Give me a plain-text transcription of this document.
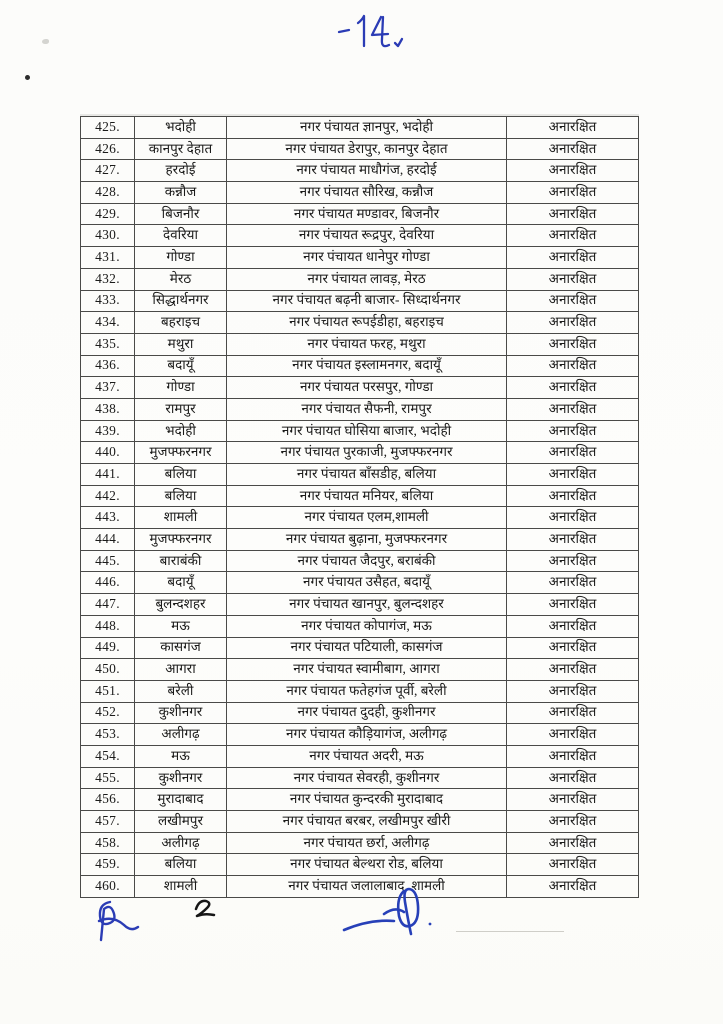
425.	भदोही	नगर पंचायत ज्ञानपुर, भदोही	अनारक्षित
426.	कानपुर देहात	नगर पंचायत डेरापुर, कानपुर देहात	अनारक्षित
427.	हरदोई	नगर पंचायत माधौगंज, हरदोई	अनारक्षित
428.	कन्नौज	नगर पंचायत सौरिख, कन्नौज	अनारक्षित
429.	बिजनौर	नगर पंचायत मण्डावर, बिजनौर	अनारक्षित
430.	देवरिया	नगर पंचायत रूद्रपुर, देवरिया	अनारक्षित
431.	गोण्डा	नगर पंचायत धानेपुर गोण्डा	अनारक्षित
432.	मेरठ	नगर पंचायत लावड़, मेरठ	अनारक्षित
433.	सिद्धार्थनगर	नगर पंचायत बढ़नी बाजार- सिध्दार्थनगर	अनारक्षित
434.	बहराइच	नगर पंचायत रूपईडीहा, बहराइच	अनारक्षित
435.	मथुरा	नगर पंचायत फरह, मथुरा	अनारक्षित
436.	बदायूँ	नगर पंचायत इस्लामनगर, बदायूँ	अनारक्षित
437.	गोण्डा	नगर पंचायत परसपुर, गोण्डा	अनारक्षित
438.	रामपुर	नगर पंचायत सैफनी, रामपुर	अनारक्षित
439.	भदोही	नगर पंचायत घोसिया बाजार, भदोही	अनारक्षित
440.	मुजफ्फरनगर	नगर पंचायत पुरकाजी, मुजफ्फरनगर	अनारक्षित
441.	बलिया	नगर पंचायत बाँसडीह, बलिया	अनारक्षित
442.	बलिया	नगर पंचायत मनियर, बलिया	अनारक्षित
443.	शामली	नगर पंचायत एलम,शामली	अनारक्षित
444.	मुजफ्फरनगर	नगर पंचायत बुढ़ाना, मुजफ्फरनगर	अनारक्षित
445.	बाराबंकी	नगर पंचायत जैदपुर, बराबंकी	अनारक्षित
446.	बदायूँ	नगर पंचायत उसैहत, बदायूँ	अनारक्षित
447.	बुलन्दशहर	नगर पंचायत खानपुर, बुलन्दशहर	अनारक्षित
448.	मऊ	नगर पंचायत कोपागंज, मऊ	अनारक्षित
449.	कासगंज	नगर पंचायत पटियाली, कासगंज	अनारक्षित
450.	आगरा	नगर पंचायत स्वामीबाग, आगरा	अनारक्षित
451.	बरेली	नगर पंचायत फतेहगंज पूर्वी, बरेली	अनारक्षित
452.	कुशीनगर	नगर पंचायत दुदही, कुशीनगर	अनारक्षित
453.	अलीगढ़	नगर पंचायत कौड़ियागंज, अलीगढ़	अनारक्षित
454.	मऊ	नगर पंचायत अदरी, मऊ	अनारक्षित
455.	कुशीनगर	नगर पंचायत सेवरही, कुशीनगर	अनारक्षित
456.	मुरादाबाद	नगर पंचायत कुन्दरकी मुरादाबाद	अनारक्षित
457.	लखीमपुर	नगर पंचायत बरबर, लखीमपुर खीरी	अनारक्षित
458.	अलीगढ़	नगर पंचायत छर्रा, अलीगढ़	अनारक्षित
459.	बलिया	नगर पंचायत बेल्थरा रोड, बलिया	अनारक्षित
460.	शामली	नगर पंचायत जलालाबाद, शामली	अनारक्षित
